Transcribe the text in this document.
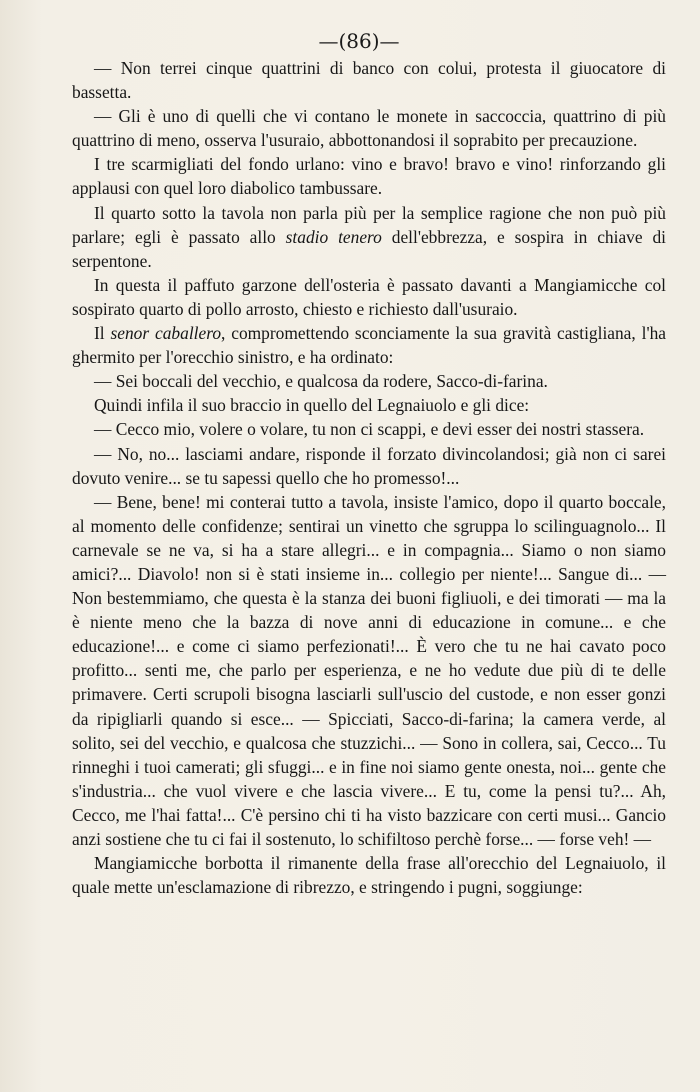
—(86)—

— Non terrei cinque quattrini di banco con colui, protesta il giuocatore di bassetta.

— Gli è uno di quelli che vi contano le monete in saccoccia, quattrino di più quattrino di meno, osserva l'usuraio, abbottonandosi il soprabito per precauzione.

I tre scarmigliati del fondo urlano: vino e bravo! bravo e vino! rinforzando gli applausi con quel loro diabolico tambussare.

Il quarto sotto la tavola non parla più per la semplice ragione che non può più parlare; egli è passato allo stadio tenero dell'ebbrezza, e sospira in chiave di serpentone.

In questa il paffuto garzone dell'osteria è passato davanti a Mangiamicche col sospirato quarto di pollo arrosto, chiesto e richiesto dall'usuraio.

Il senor caballero, compromettendo sconciamente la sua gravità castigliana, l'ha ghermito per l'orecchio sinistro, e ha ordinato:

— Sei boccali del vecchio, e qualcosa da rodere, Sacco-di-farina.

Quindi infila il suo braccio in quello del Legnaiuolo e gli dice:

— Cecco mio, volere o volare, tu non ci scappi, e devi esser dei nostri stassera.

— No, no... lasciami andare, risponde il forzato divincolandosi; già non ci sarei dovuto venire... se tu sapessi quello che ho promesso!...

— Bene, bene! mi conterai tutto a tavola, insiste l'amico, dopo il quarto boccale, al momento delle confidenze; sentirai un vinetto che sgruppa lo scilinguagnolo... Il carnevale se ne va, si ha a stare allegri... e in compagnia... Siamo o non siamo amici?... Diavolo! non si è stati insieme in... collegio per niente!... Sangue di... — Non bestemmiamo, che questa è la stanza dei buoni figliuoli, e dei timorati — ma la è niente meno che la bazza di nove anni di educazione in comune... e che educazione!... e come ci siamo perfezionati!... È vero che tu ne hai cavato poco profitto... senti me, che parlo per esperienza, e ne ho vedute due più di te delle primavere. Certi scrupoli bisogna lasciarli sull'uscio del custode, e non esser gonzi da ripigliarli quando si esce... — Spicciati, Sacco-di-farina; la camera verde, al solito, sei del vecchio, e qualcosa che stuzzichi... — Sono in collera, sai, Cecco... Tu rinneghi i tuoi camerati; gli sfuggi... e in fine noi siamo gente onesta, noi... gente che s'industria... che vuol vivere e che lascia vivere... E tu, come la pensi tu?... Ah, Cecco, me l'hai fatta!... C'è persino chi ti ha visto bazzicare con certi musi... Gancio anzi sostiene che tu ci fai il sostenuto, lo schifiltoso perchè forse... — forse veh! —

Mangiamicche borbotta il rimanente della frase all'orecchio del Legnaiuolo, il quale mette un'esclamazione di ribrezzo, e stringendo i pugni, soggiunge:
